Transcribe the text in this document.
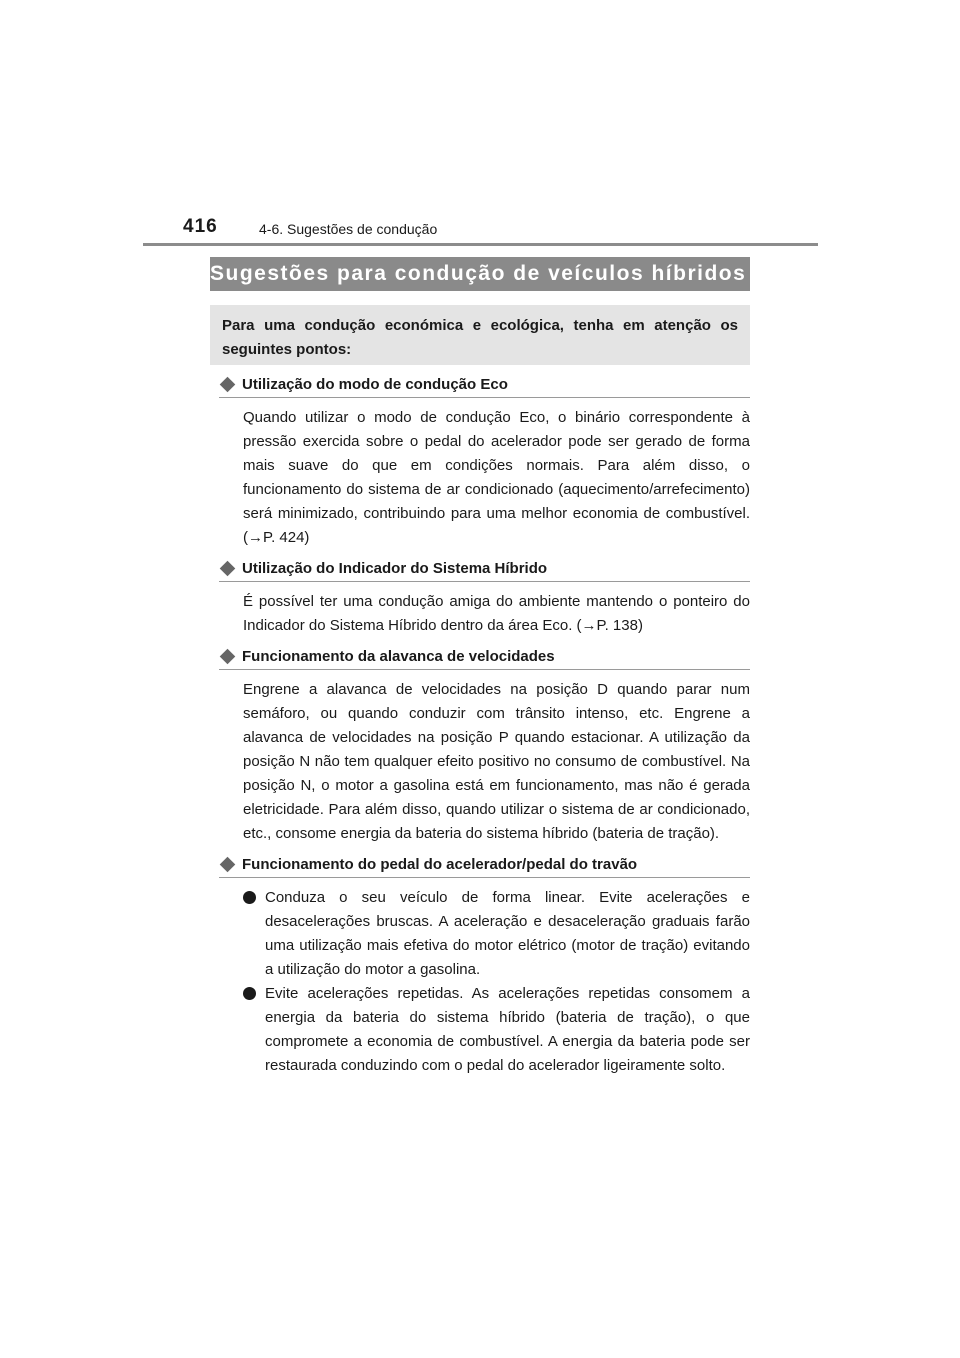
416	4-6. Sugestões de condução
Sugestões para condução de veículos híbridos
Para uma condução económica e ecológica, tenha em atenção os seguintes pontos:
Utilização do modo de condução Eco

Quando utilizar o modo de condução Eco, o binário correspondente à pressão exercida sobre o pedal do acelerador pode ser gerado de forma mais suave do que em condições normais. Para além disso, o funcionamento do sistema de ar condicionado (aquecimento/arrefecimento) será minimizado, contribuindo para uma melhor economia de combustível. (→P. 424)

Utilização do Indicador do Sistema Híbrido

É possível ter uma condução amiga do ambiente mantendo o ponteiro do Indicador do Sistema Híbrido dentro da área Eco. (→P. 138)

Funcionamento da alavanca de velocidades

Engrene a alavanca de velocidades na posição D quando parar num semáforo, ou quando conduzir com trânsito intenso, etc. Engrene a alavanca de velocidades na posição P quando estacionar. A utilização da posição N não tem qualquer efeito positivo no consumo de combustível. Na posição N, o motor a gasolina está em funcionamento, mas não é gerada eletricidade. Para além disso, quando utilizar o sistema de ar condicionado, etc., consome energia da bateria do sistema híbrido (bateria de tração).

Funcionamento do pedal do acelerador/pedal do travão
Conduza o seu veículo de forma linear. Evite acelerações e desacelerações bruscas. A aceleração e desaceleração graduais farão uma utilização mais efetiva do motor elétrico (motor de tração) evitando a utilização do motor a gasolina.
Evite acelerações repetidas. As acelerações repetidas consomem a energia da bateria do sistema híbrido (bateria de tração), o que compromete a economia de combustível. A energia da bateria pode ser restaurada conduzindo com o pedal do acelerador ligeiramente solto.
